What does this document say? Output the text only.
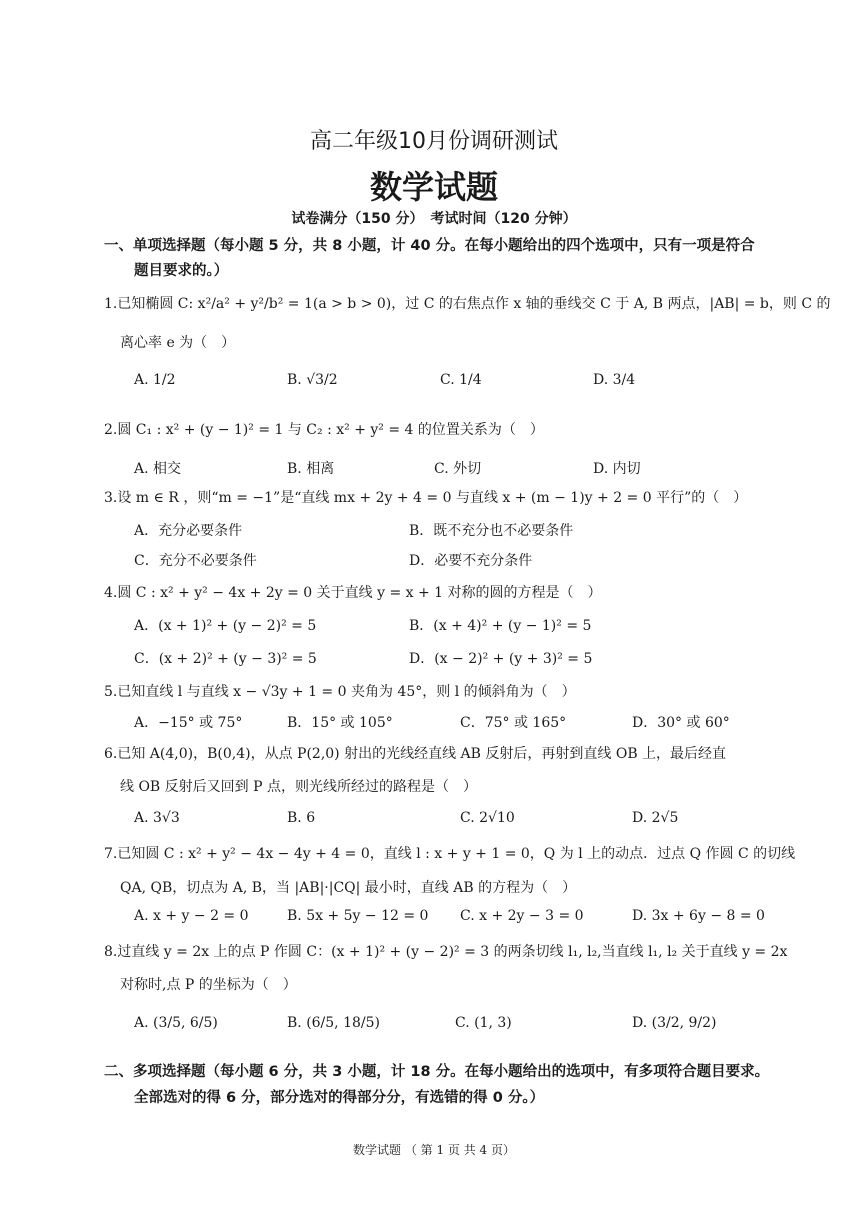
高二年级10月份调研测试
数学试题
试卷满分（150 分）　考试时间（120 分钟）
一、单项选择题（每小题 5 分，共 8 小题，计 40 分。在每小题给出的四个选项中，只有一项是符合
题目要求的。）
1.已知椭圆 C: x²/a² + y²/b² = 1(a > b > 0)，过 C 的右焦点作 x 轴的垂线交 C 于 A, B 两点，|AB| = b，则 C 的
离心率 e 为（　）
A. 1/2	B. √3/2	C. 1/4	D. 3/4
2.圆 C₁ : x² + (y − 1)² = 1 与 C₂ : x² + y² = 4 的位置关系为（　）
A. 相交	B. 相离	C. 外切	D. 内切
3.设 m ∈ R ，则“m = −1”是“直线 mx + 2y + 4 = 0 与直线 x + (m − 1)y + 2 = 0 平行”的（　）
A．充分必要条件	B．既不充分也不必要条件
C．充分不必要条件	D．必要不充分条件
4.圆 C : x² + y² − 4x + 2y = 0 关于直线 y = x + 1 对称的圆的方程是（　）
A．(x + 1)² + (y − 2)² = 5	B．(x + 4)² + (y − 1)² = 5
C．(x + 2)² + (y − 3)² = 5	D．(x − 2)² + (y + 3)² = 5
5.已知直线 l 与直线 x − √3y + 1 = 0 夹角为 45°，则 l 的倾斜角为（　）
A．−15° 或 75°	B．15° 或 105°	C．75° 或 165°	D．30° 或 60°
6.已知 A(4,0)，B(0,4)，从点 P(2,0) 射出的光线经直线 AB 反射后，再射到直线 OB 上，最后经直
线 OB 反射后又回到 P 点，则光线所经过的路程是（　）
A. 3√3	B. 6	C. 2√10	D. 2√5
7.已知圆 C : x² + y² − 4x − 4y + 4 = 0，直线 l : x + y + 1 = 0，Q 为 l 上的动点．过点 Q 作圆 C 的切线
QA, QB，切点为 A, B，当 |AB|·|CQ| 最小时，直线 AB 的方程为（　）
A. x + y − 2 = 0	B. 5x + 5y − 12 = 0 C. x + 2y − 3 = 0	D. 3x + 6y − 8 = 0
8.过直线 y = 2x 上的点 P 作圆 C：(x + 1)² + (y − 2)² = 3 的两条切线 l₁, l₂,当直线 l₁, l₂ 关于直线 y = 2x
对称时,点 P 的坐标为（　）
A. (3/5, 6/5)	B. (6/5, 18/5)	C. (1, 3)	D. (3/2, 9/2)
二、多项选择题（每小题 6 分，共 3 小题，计 18 分。在每小题给出的选项中，有多项符合题目要求。
全部选对的得 6 分，部分选对的得部分分，有选错的得 0 分。）
数学试题 （ 第 1 页 共 4 页）
